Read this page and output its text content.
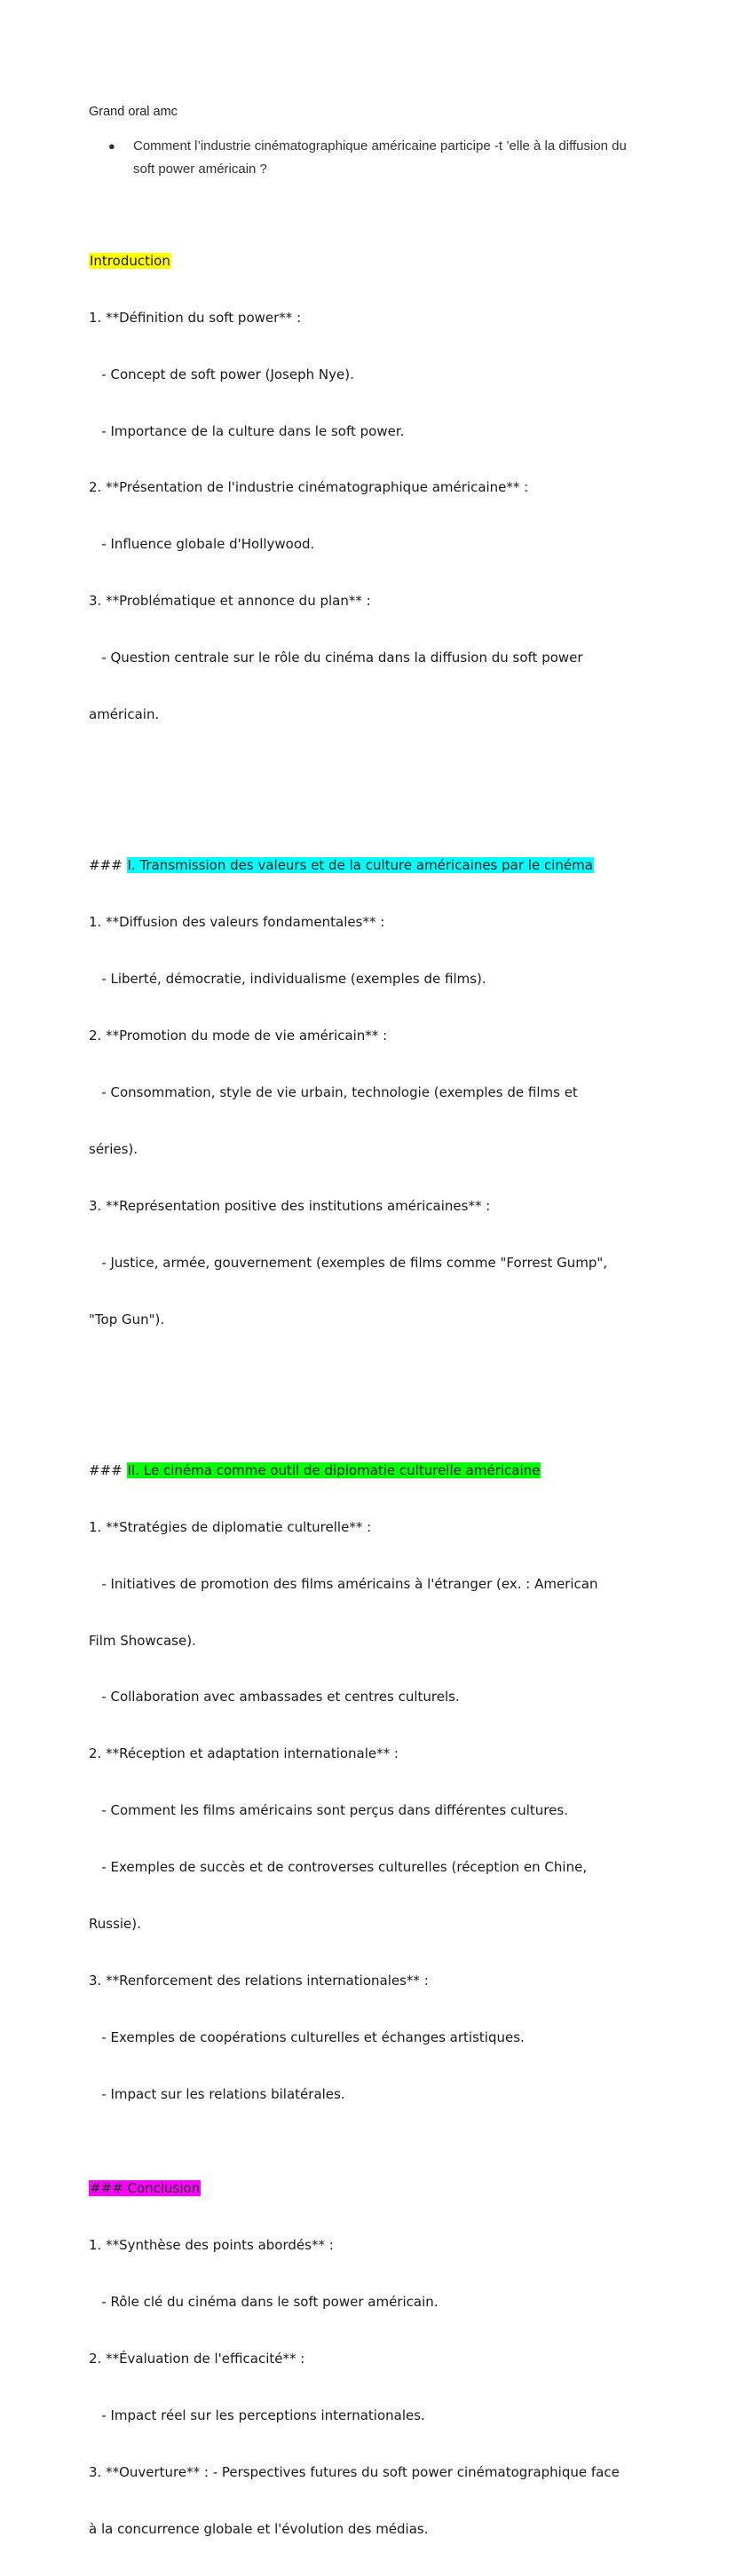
Grand oral amc
●	Comment l’industrie cinématographique américaine participe -t ’elle à la diffusion du soft power américain ?

Introduction

1. **Définition du soft power** :

- Concept de soft power (Joseph Nye).

- Importance de la culture dans le soft power.

2. **Présentation de l'industrie cinématographique américaine** :

- Influence globale d'Hollywood.

3. **Problématique et annonce du plan** :

- Question centrale sur le rôle du cinéma dans la diffusion du soft power

américain.

### I. Transmission des valeurs et de la culture américaines par le cinéma

1. **Diffusion des valeurs fondamentales** :

- Liberté, démocratie, individualisme (exemples de films).

2. **Promotion du mode de vie américain** :

- Consommation, style de vie urbain, technologie (exemples de films et

séries).

3. **Représentation positive des institutions américaines** :

- Justice, armée, gouvernement (exemples de films comme "Forrest Gump",

"Top Gun").

### II. Le cinéma comme outil de diplomatie culturelle américaine

1. **Stratégies de diplomatie culturelle** :

- Initiatives de promotion des films américains à l'étranger (ex. : American

Film Showcase).

- Collaboration avec ambassades et centres culturels.

2. **Réception et adaptation internationale** :

- Comment les films américains sont perçus dans différentes cultures.

- Exemples de succès et de controverses culturelles (réception en Chine,

Russie).

3. **Renforcement des relations internationales** :

- Exemples de coopérations culturelles et échanges artistiques.

- Impact sur les relations bilatérales.

### Conclusion

1. **Synthèse des points abordés** :

- Rôle clé du cinéma dans le soft power américain.

2. **Évaluation de l'efficacité** :

- Impact réel sur les perceptions internationales.

3. **Ouverture** : - Perspectives futures du soft power cinématographique face

à la concurrence globale et l'évolution des médias.
